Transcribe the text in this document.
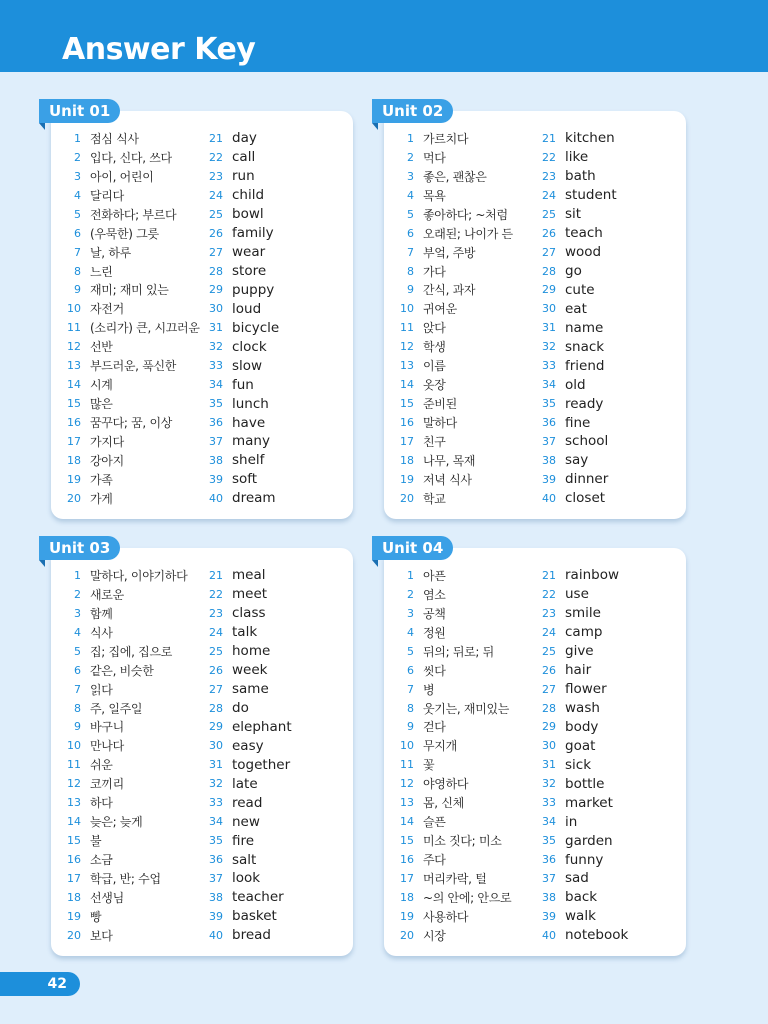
Answer Key
Unit 01
1 점심 식사
2 입다, 신다, 쓰다
3 아이, 어린이
4 달리다
5 전화하다; 부르다
6 (우묵한) 그릇
7 날, 하루
8 느린
9 재미; 재미 있는
10 자전거
11 (소리가) 큰, 시끄러운
12 선반
13 부드러운, 푹신한
14 시계
15 많은
16 꿈꾸다; 꿈, 이상
17 가지다
18 강아지
19 가족
20 가게
21 day
22 call
23 run
24 child
25 bowl
26 family
27 wear
28 store
29 puppy
30 loud
31 bicycle
32 clock
33 slow
34 fun
35 lunch
36 have
37 many
38 shelf
39 soft
40 dream
Unit 02
1 가르치다
2 먹다
3 좋은, 괜찮은
4 목욕
5 좋아하다; ~처럼
6 오래된; 나이가 든
7 부엌, 주방
8 가다
9 간식, 과자
10 귀여운
11 앉다
12 학생
13 이름
14 옷장
15 준비된
16 말하다
17 친구
18 나무, 목재
19 저녁 식사
20 학교
21 kitchen
22 like
23 bath
24 student
25 sit
26 teach
27 wood
28 go
29 cute
30 eat
31 name
32 snack
33 friend
34 old
35 ready
36 fine
37 school
38 say
39 dinner
40 closet
Unit 03
1 말하다, 이야기하다
2 새로운
3 함께
4 식사
5 집; 집에, 집으로
6 같은, 비슷한
7 읽다
8 주, 일주일
9 바구니
10 만나다
11 쉬운
12 코끼리
13 하다
14 늦은; 늦게
15 불
16 소금
17 학급, 반; 수업
18 선생님
19 빵
20 보다
21 meal
22 meet
23 class
24 talk
25 home
26 week
27 same
28 do
29 elephant
30 easy
31 together
32 late
33 read
34 new
35 fire
36 salt
37 look
38 teacher
39 basket
40 bread
Unit 04
1 아픈
2 염소
3 공책
4 정원
5 뒤의; 뒤로; 뒤
6 씻다
7 병
8 웃기는, 재미있는
9 걷다
10 무지개
11 꽃
12 야영하다
13 몸, 신체
14 슬픈
15 미소 짓다; 미소
16 주다
17 머리카락, 털
18 ~의 안에; 안으로
19 사용하다
20 시장
21 rainbow
22 use
23 smile
24 camp
25 give
26 hair
27 flower
28 wash
29 body
30 goat
31 sick
32 bottle
33 market
34 in
35 garden
36 funny
37 sad
38 back
39 walk
40 notebook
42
